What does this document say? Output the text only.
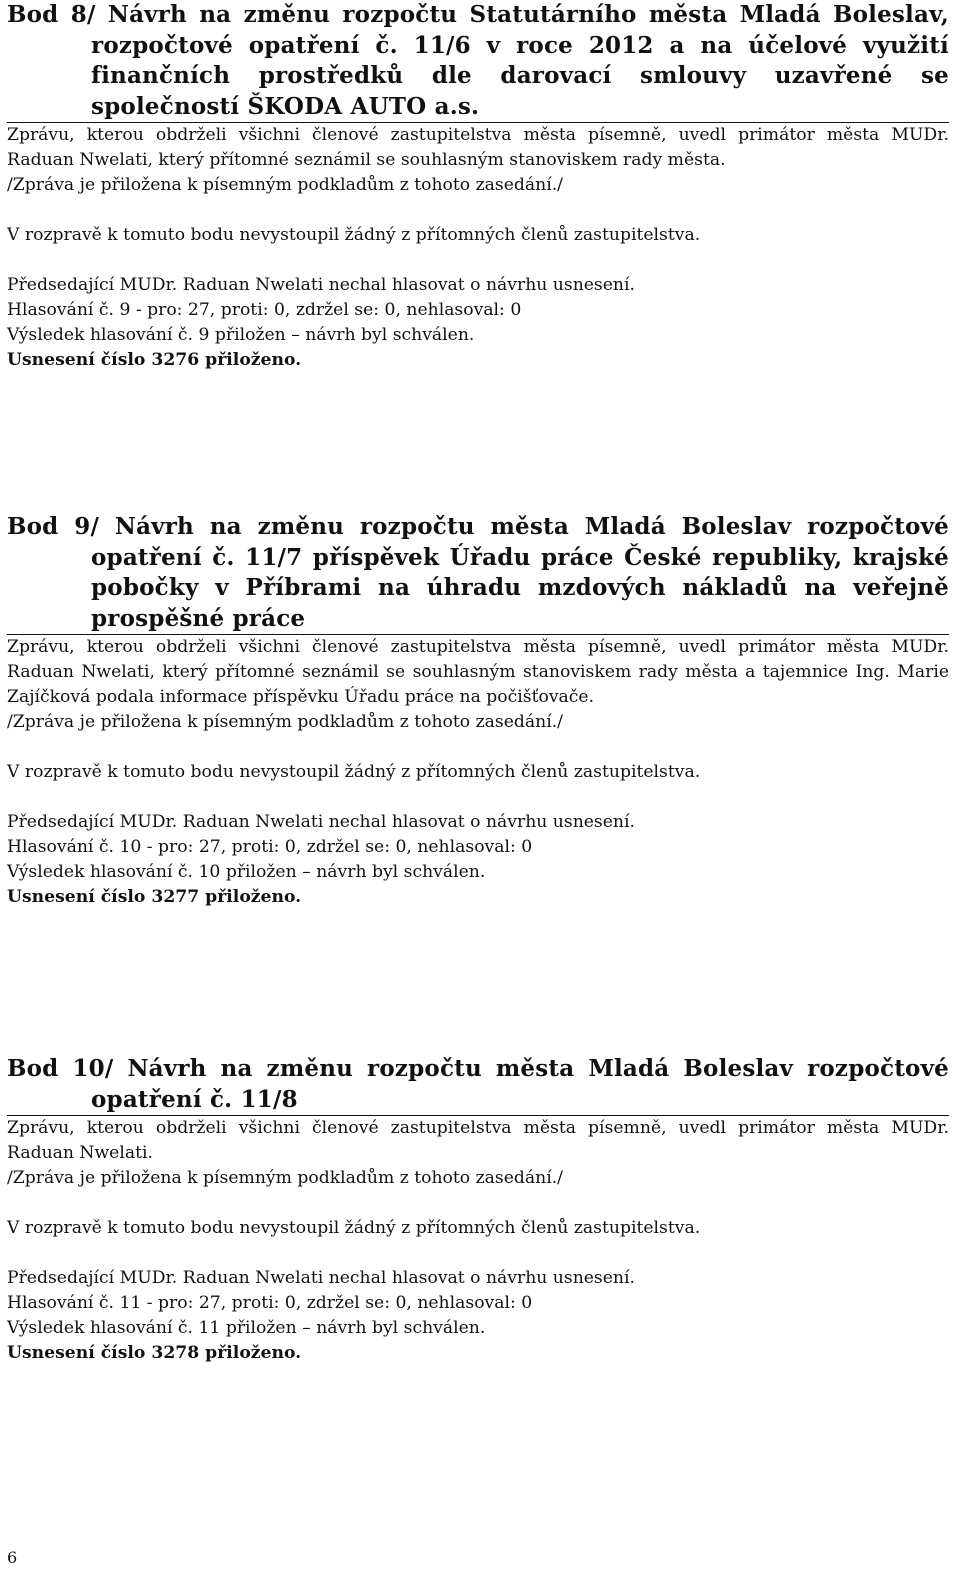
Bod 8/ Návrh na změnu rozpočtu Statutárního města Mladá Boleslav, rozpočtové opatření č. 11/6 v roce 2012 a na účelové využití finančních prostředků dle darovací smlouvy uzavřené se společností ŠKODA AUTO a.s.

Zprávu, kterou obdrželi všichni členové zastupitelstva města písemně, uvedl primátor města MUDr. Raduan Nwelati, který přítomné seznámil se souhlasným stanoviskem rady města.

/Zpráva je přiložena k písemným podkladům z tohoto zasedání./

V rozpravě k tomuto bodu nevystoupil žádný z přítomných členů zastupitelstva.

Předsedající MUDr. Raduan Nwelati nechal hlasovat o návrhu usnesení.

Hlasování č. 9 - pro: 27, proti: 0, zdržel se: 0, nehlasoval: 0

Výsledek hlasování č. 9 přiložen – návrh byl schválen.

Usnesení číslo 3276 přiloženo.

Bod 9/ Návrh na změnu rozpočtu města Mladá Boleslav rozpočtové opatření č. 11/7 příspěvek Úřadu práce České republiky, krajské pobočky v Příbrami na úhradu mzdových nákladů na veřejně prospěšné práce

Zprávu, kterou obdrželi všichni členové zastupitelstva města písemně, uvedl primátor města MUDr. Raduan Nwelati, který přítomné seznámil se souhlasným stanoviskem rady města a tajemnice Ing. Marie Zajíčková podala informace příspěvku Úřadu práce na počišťovače.

/Zpráva je přiložena k písemným podkladům z tohoto zasedání./

V rozpravě k tomuto bodu nevystoupil žádný z přítomných členů zastupitelstva.

Předsedající MUDr. Raduan Nwelati nechal hlasovat o návrhu usnesení.

Hlasování č. 10 - pro: 27, proti: 0, zdržel se: 0, nehlasoval: 0

Výsledek hlasování č. 10 přiložen – návrh byl schválen.

Usnesení číslo 3277 přiloženo.

Bod 10/ Návrh na změnu rozpočtu města Mladá Boleslav rozpočtové opatření č. 11/8

Zprávu, kterou obdrželi všichni členové zastupitelstva města písemně, uvedl primátor města MUDr. Raduan Nwelati.

/Zpráva je přiložena k písemným podkladům z tohoto zasedání./

V rozpravě k tomuto bodu nevystoupil žádný z přítomných členů zastupitelstva.

Předsedající MUDr. Raduan Nwelati nechal hlasovat o návrhu usnesení.

Hlasování č. 11 - pro: 27, proti: 0, zdržel se: 0, nehlasoval: 0

Výsledek hlasování č. 11 přiložen – návrh byl schválen.

Usnesení číslo 3278 přiloženo.

6
